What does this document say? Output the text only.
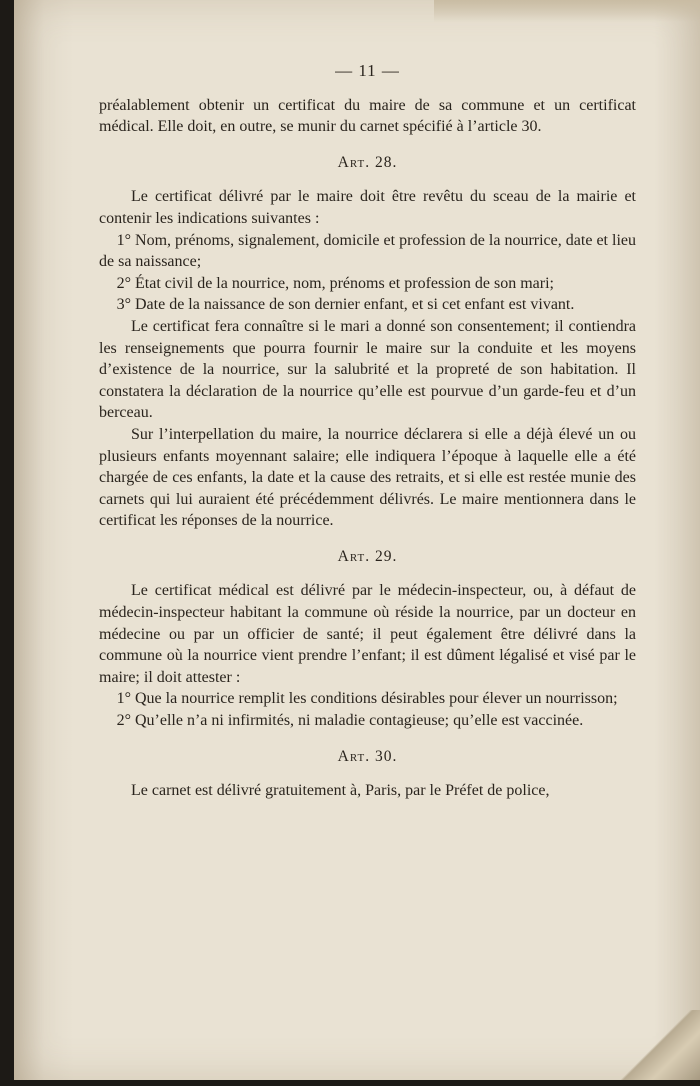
— 11 —

préalablement obtenir un certificat du maire de sa commune et un certificat médical. Elle doit, en outre, se munir du carnet spécifié à l’article 30.

Art. 28.

Le certificat délivré par le maire doit être revêtu du sceau de la mairie et contenir les indications suivantes :

1° Nom, prénoms, signalement, domicile et profession de la nourrice, date et lieu de sa naissance;

2° État civil de la nourrice, nom, prénoms et profession de son mari;

3° Date de la naissance de son dernier enfant, et si cet enfant est vivant.

Le certificat fera connaître si le mari a donné son consentement; il contiendra les renseignements que pourra fournir le maire sur la conduite et les moyens d’existence de la nourrice, sur la salubrité et la propreté de son habitation. Il constatera la déclaration de la nourrice qu’elle est pourvue d’un garde-feu et d’un berceau.

Sur l’interpellation du maire, la nourrice déclarera si elle a déjà élevé un ou plusieurs enfants moyennant salaire; elle indiquera l’époque à laquelle elle a été chargée de ces enfants, la date et la cause des retraits, et si elle est restée munie des carnets qui lui auraient été précédemment délivrés. Le maire mentionnera dans le certificat les réponses de la nourrice.

Art. 29.

Le certificat médical est délivré par le médecin-inspecteur, ou, à défaut de médecin-inspecteur habitant la commune où réside la nourrice, par un docteur en médecine ou par un officier de santé; il peut également être délivré dans la commune où la nourrice vient prendre l’enfant; il est dûment légalisé et visé par le maire; il doit attester :

1° Que la nourrice remplit les conditions désirables pour élever un nourrisson;

2° Qu’elle n’a ni infirmités, ni maladie contagieuse; qu’elle est vaccinée.

Art. 30.

Le carnet est délivré gratuitement à, Paris, par le Préfet de police,
